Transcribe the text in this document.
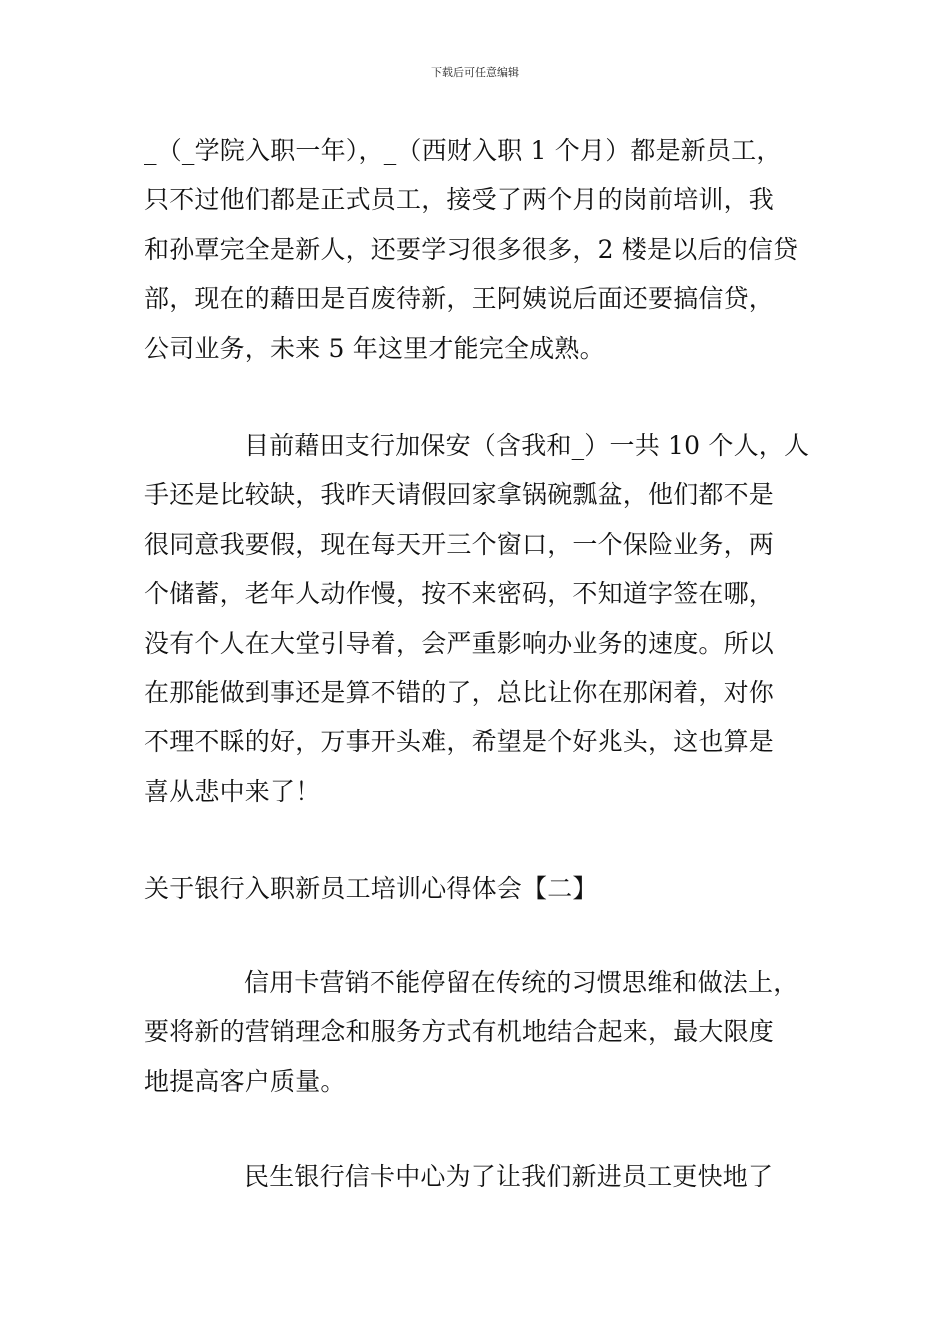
下载后可任意编辑
_（_学院入职一年），_（西财入职 1 个月）都是新员工，
只不过他们都是正式员工，接受了两个月的岗前培训，我
和孙覃完全是新人，还要学习很多很多，2 楼是以后的信贷
部，现在的藉田是百废待新，王阿姨说后面还要搞信贷，
公司业务，未来 5 年这里才能完全成熟。
目前藉田支行加保安（含我和_）一共 10 个人，人
手还是比较缺，我昨天请假回家拿锅碗瓢盆，他们都不是
很同意我要假，现在每天开三个窗口，一个保险业务，两
个储蓄，老年人动作慢，按不来密码，不知道字签在哪，
没有个人在大堂引导着，会严重影响办业务的速度。所以
在那能做到事还是算不错的了，总比让你在那闲着，对你
不理不睬的好，万事开头难，希望是个好兆头，这也算是
喜从悲中来了！
关于银行入职新员工培训心得体会【二】
信用卡营销不能停留在传统的习惯思维和做法上，
要将新的营销理念和服务方式有机地结合起来，最大限度
地提高客户质量。
民生银行信卡中心为了让我们新进员工更快地了
